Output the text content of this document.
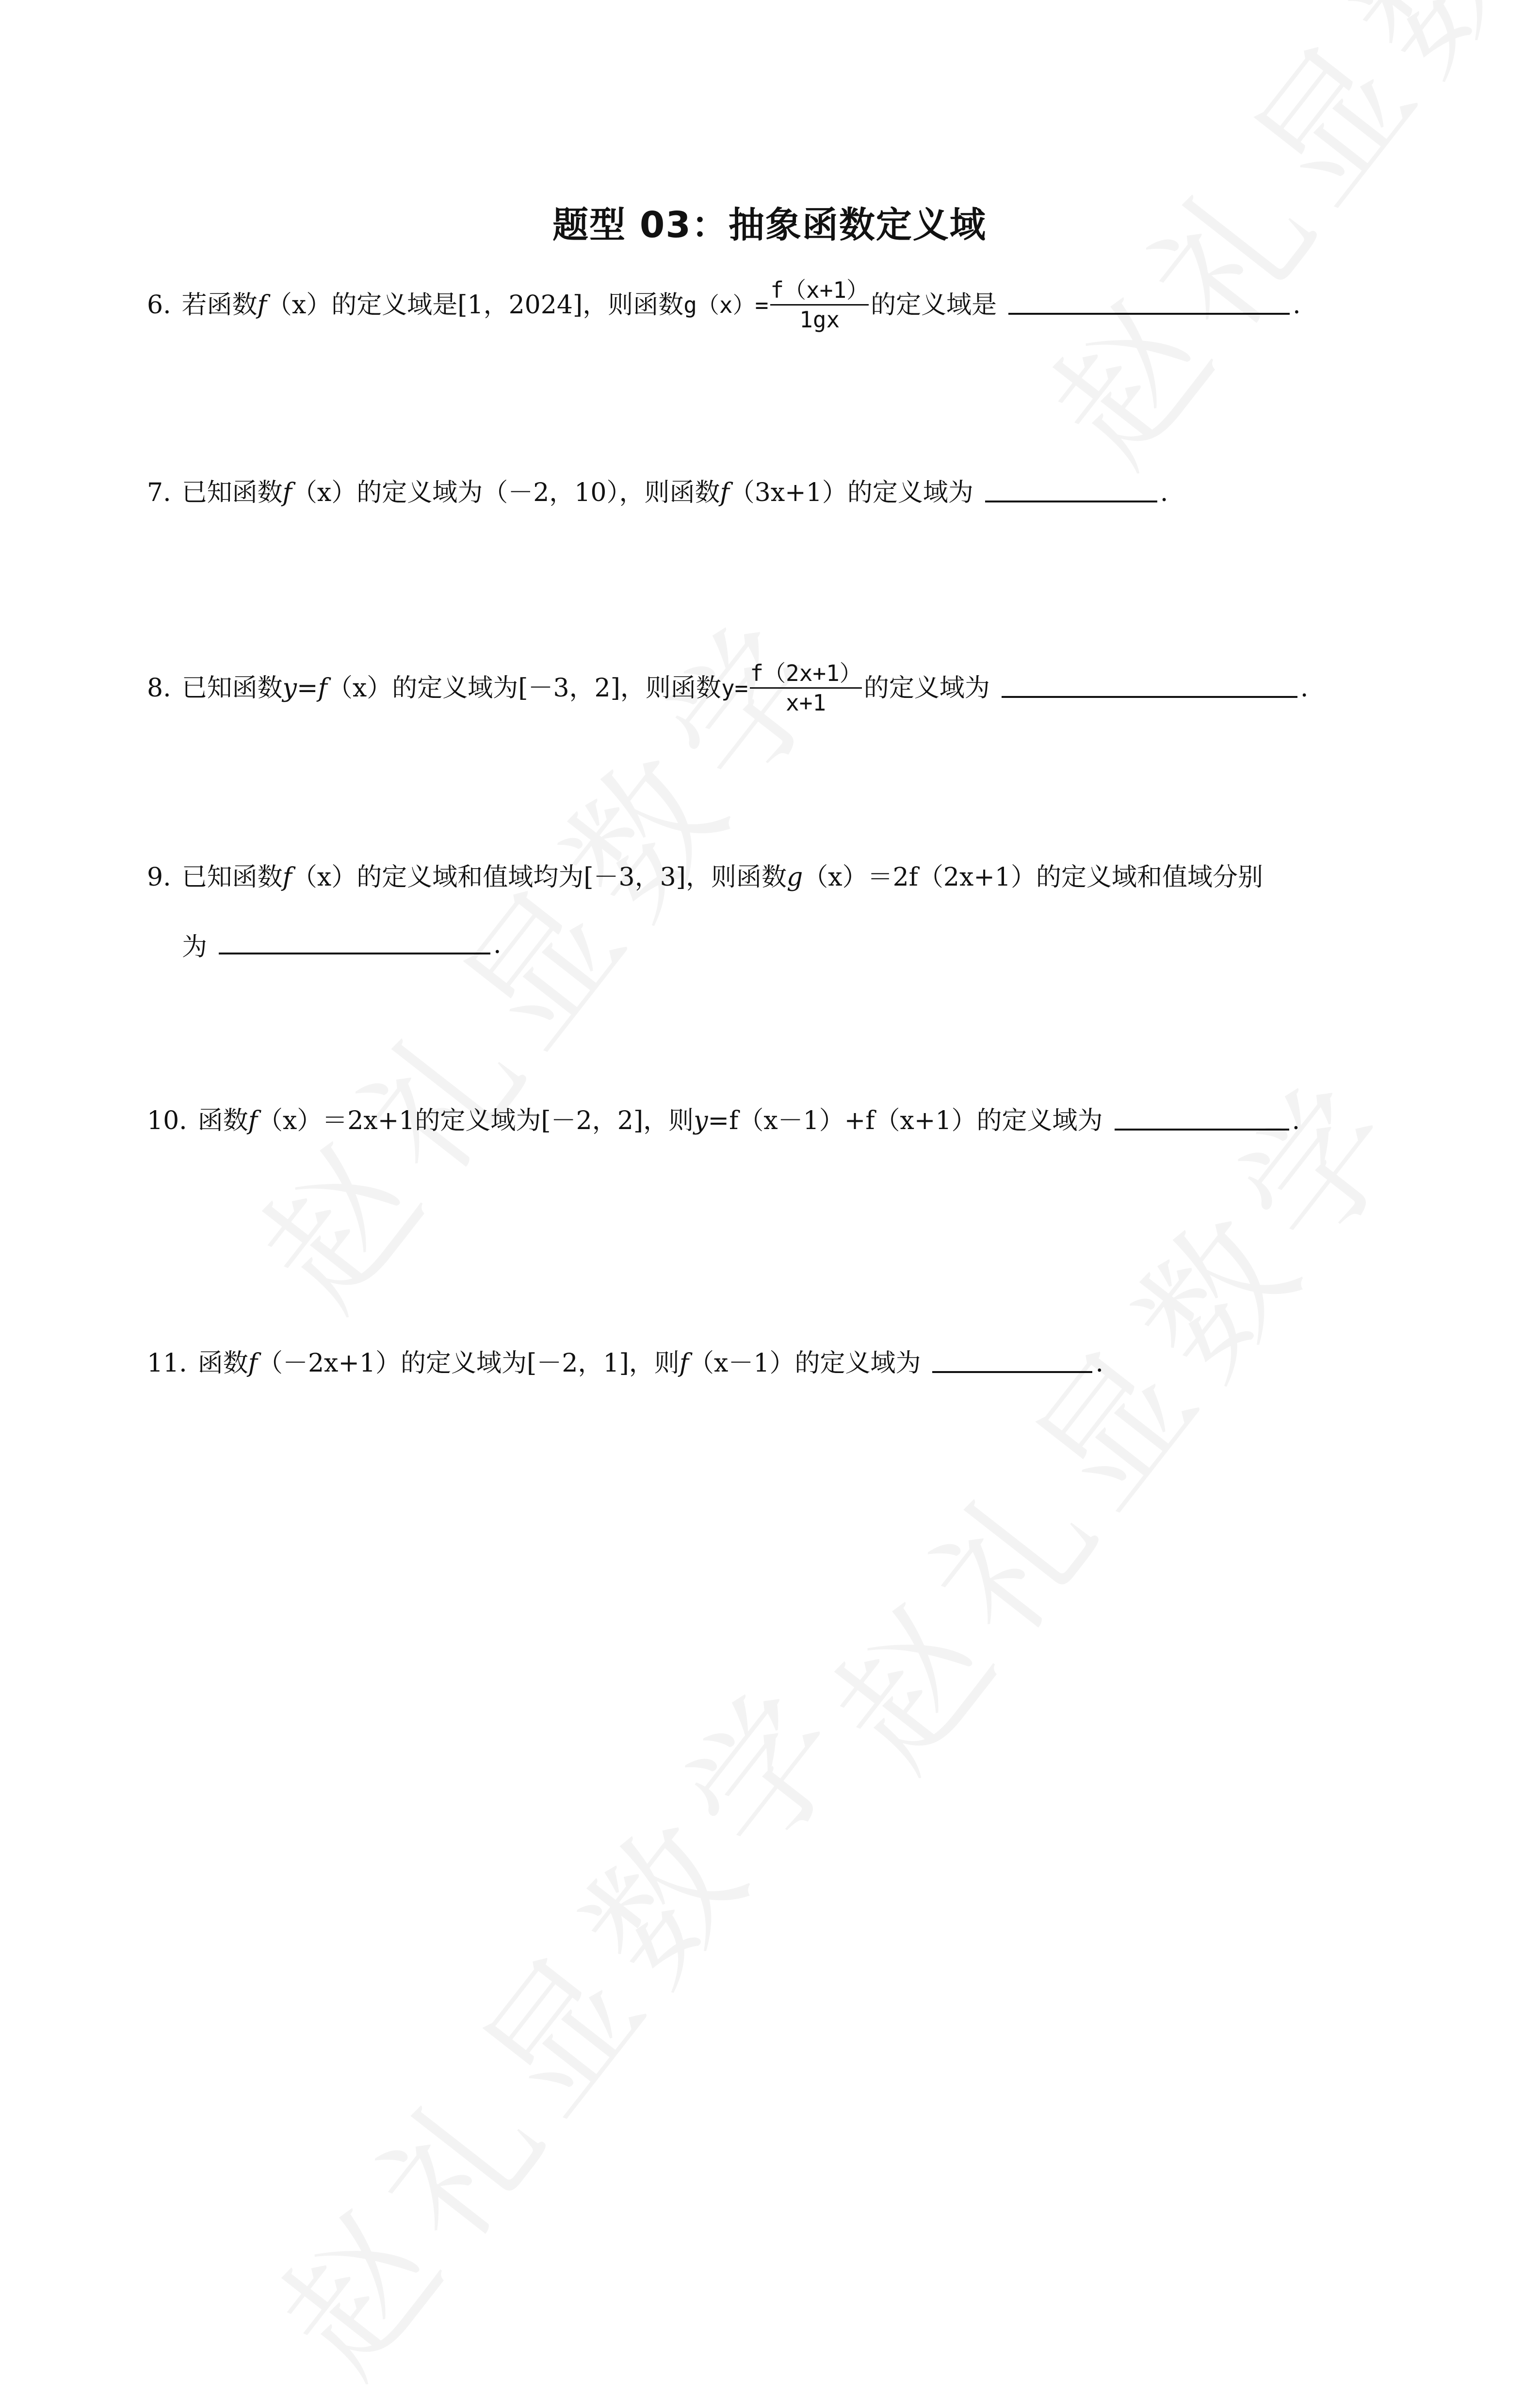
题型 03：抽象函数定义域
6. 若函数 f （x） 的定义域是[1，2024]，则函数 $g(x)= \frac{f(x+1)}{1gx}$ 的定义域是	.
7. 已知函数 f （x） 的定义域为（－2，10），则函数 f （3x+1） 的定义域为	.
8. 已知函数 y = f （x） 的定义域为[－3，2]，则函数 $y= \frac{f(2x+1)}{x+1}$ 的定义域为	.
9. 已知函数 f （x） 的定义域和值域均为[－3，3]，则函数 g （x） ＝2f（2x+1） 的定义域和值域分别
为	.
10. 函数 f （x） ＝2x+1 的定义域为[－2，2]，则 y =f（x－1）+f（x+1） 的定义域为	.
11. 函数 f （－2x+1） 的定义域为[－2，1]，则 f （x－1） 的定义域为	.
